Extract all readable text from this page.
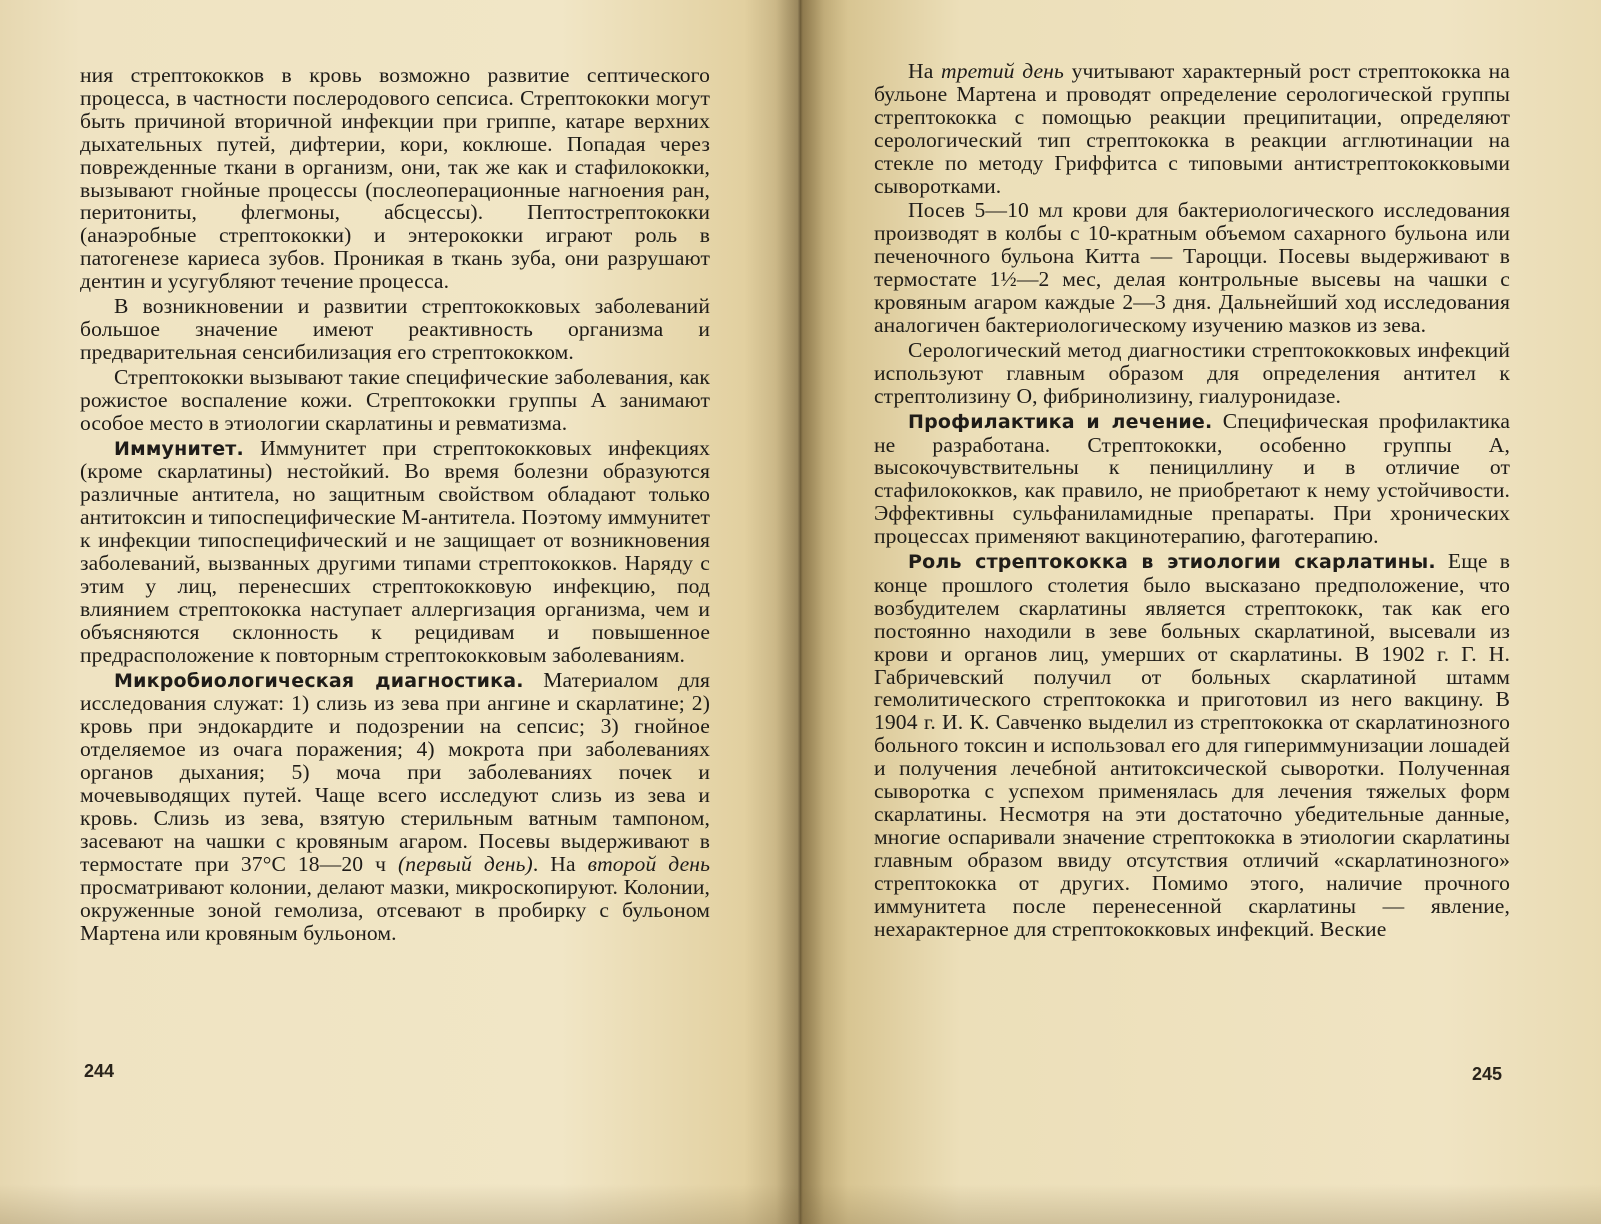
ния стрептококков в кровь возможно развитие септического процесса, в частности послеродового сепсиса. Стрептококки могут быть причиной вторичной инфекции при гриппе, катаре верхних дыхательных путей, дифтерии, кори, коклюше. Попадая через поврежденные ткани в организм, они, так же как и стафилококки, вызывают гнойные процессы (послеоперационные нагноения ран, перитониты, флегмоны, абсцессы). Пептострептококки (анаэробные стрептококки) и энтерококки играют роль в патогенезе кариеса зубов. Проникая в ткань зуба, они разрушают дентин и усугубляют течение процесса.

В возникновении и развитии стрептококковых заболеваний большое значение имеют реактивность организма и предварительная сенсибилизация его стрептококком.

Стрептококки вызывают такие специфические заболевания, как рожистое воспаление кожи. Стрептококки группы А занимают особое место в этиологии скарлатины и ревматизма.

Иммунитет. Иммунитет при стрептококковых инфекциях (кроме скарлатины) нестойкий. Во время болезни образуются различные антитела, но защитным свойством обладают только антитоксин и типоспецифические М-антитела. Поэтому иммунитет к инфекции типоспецифический и не защищает от возникновения заболеваний, вызванных другими типами стрептококков. Наряду с этим у лиц, перенесших стрептококковую инфекцию, под влиянием стрептококка наступает аллергизация организма, чем и объясняются склонность к рецидивам и повышенное предрасположение к повторным стрептококковым заболеваниям.

Микробиологическая диагностика. Материалом для исследования служат: 1) слизь из зева при ангине и скарлатине; 2) кровь при эндокардите и подозрении на сепсис; 3) гнойное отделяемое из очага поражения; 4) мокрота при заболеваниях органов дыхания; 5) моча при заболеваниях почек и мочевыводящих путей. Чаще всего исследуют слизь из зева и кровь. Слизь из зева, взятую стерильным ватным тампоном, засевают на чашки с кровяным агаром. Посевы выдерживают в термостате при 37°С 18—20 ч (первый день). На второй день просматривают колонии, делают мазки, микроскопируют. Колонии, окруженные зоной гемолиза, отсевают в пробирку с бульоном Мартена или кровяным бульоном.

244

На третий день учитывают характерный рост стрептококка на бульоне Мартена и проводят определение серологической группы стрептококка с помощью реакции преципитации, определяют серологический тип стрептококка в реакции агглютинации на стекле по методу Гриффитса с типовыми антистрептококковыми сыворотками.

Посев 5—10 мл крови для бактериологического исследования производят в колбы с 10-кратным объемом сахарного бульона или печеночного бульона Китта — Тароцци. Посевы выдерживают в термостате 1½—2 мес, делая контрольные высевы на чашки с кровяным агаром каждые 2—3 дня. Дальнейший ход исследования аналогичен бактериологическому изучению мазков из зева.

Серологический метод диагностики стрептококковых инфекций используют главным образом для определения антител к стрептолизину О, фибринолизину, гиалуронидазе.

Профилактика и лечение. Специфическая профилактика не разработана. Стрептококки, особенно группы А, высокочувствительны к пенициллину и в отличие от стафилококков, как правило, не приобретают к нему устойчивости. Эффективны сульфаниламидные препараты. При хронических процессах применяют вакцинотерапию, фаготерапию.

Роль стрептококка в этиологии скарлатины. Еще в конце прошлого столетия было высказано предположение, что возбудителем скарлатины является стрептококк, так как его постоянно находили в зеве больных скарлатиной, высевали из крови и органов лиц, умерших от скарлатины. В 1902 г. Г. Н. Габричевский получил от больных скарлатиной штамм гемолитического стрептококка и приготовил из него вакцину. В 1904 г. И. К. Савченко выделил из стрептококка от скарлатинозного больного токсин и использовал его для гипериммунизации лошадей и получения лечебной антитоксической сыворотки. Полученная сыворотка с успехом применялась для лечения тяжелых форм скарлатины. Несмотря на эти достаточно убедительные данные, многие оспаривали значение стрептококка в этиологии скарлатины главным образом ввиду отсутствия отличий «скарлатинозного» стрептококка от других. Помимо этого, наличие прочного иммунитета после перенесенной скарлатины — явление, нехарактерное для стрептококковых инфекций. Веские

245
